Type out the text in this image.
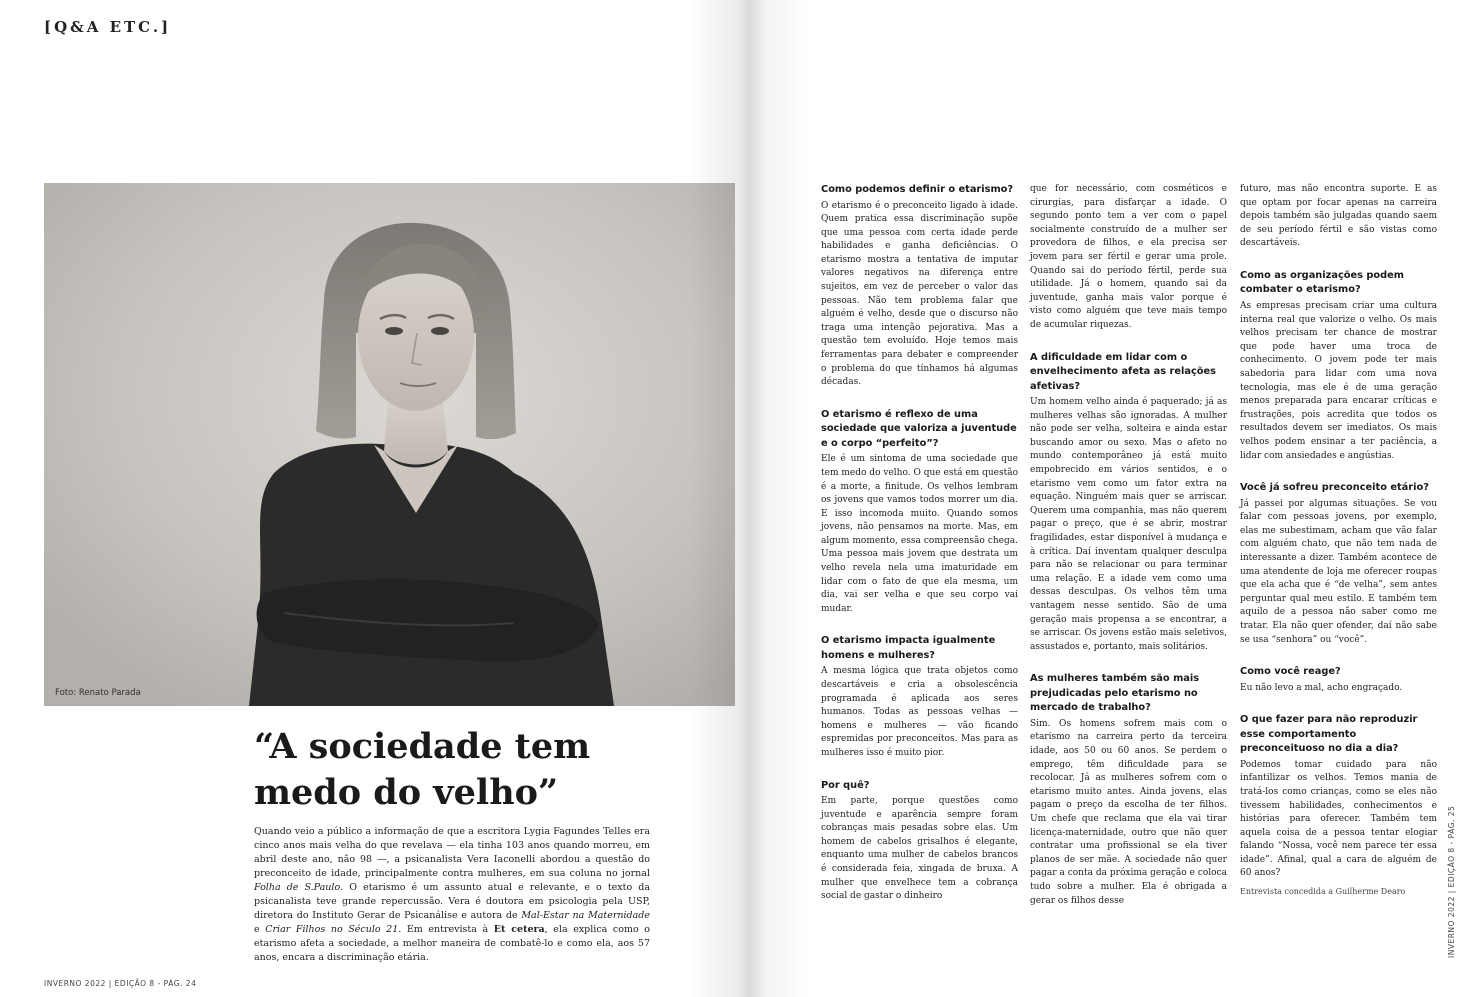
[Q&A ETC.]
Foto: Renato Parada
“A sociedade tem
medo do velho”

Quando veio a público a informação de que a escritora Lygia Fagundes Telles era cinco anos mais velha do que revelava — ela tinha 103 anos quando morreu, em abril deste ano, não 98 —, a psicanalista Vera Iaconelli abordou a questão do preconceito de idade, principalmente contra mulheres, em sua coluna no jornal Folha de S.Paulo. O etarismo é um assunto atual e relevante, e o texto da psicanalista teve grande repercussão. Vera é doutora em psicologia pela USP, diretora do Instituto Gerar de Psicanálise e autora de Mal-Estar na Maternidade e Criar Filhos no Século 21. Em entrevista à Et cetera, ela explica como o etarismo afeta a sociedade, a melhor maneira de combatê-lo e como ela, aos 57 anos, encara a discriminação etária.

INVERNO 2022 | EDIÇÃO 8 - PÁG. 24

Como podemos definir o etarismo?

O etarismo é o preconceito ligado à idade. Quem pratica essa discriminação supõe que uma pessoa com certa idade perde habilidades e ganha deficiências. O etarismo mostra a tentativa de imputar valores negativos na diferença entre sujeitos, em vez de perceber o valor das pessoas. Não tem problema falar que alguém é velho, desde que o discurso não traga uma intenção pejorativa. Mas a questão tem evoluído. Hoje temos mais ferramentas para debater e compreender o problema do que tínhamos há algumas décadas.

O etarismo é reflexo de uma sociedade que valoriza a juventude e o corpo “perfeito”?

Ele é um sintoma de uma sociedade que tem medo do velho. O que está em questão é a morte, a finitude. Os velhos lembram os jovens que vamos todos morrer um dia. E isso incomoda muito. Quando somos jovens, não pensamos na morte. Mas, em algum momento, essa compreensão chega. Uma pessoa mais jovem que destrata um velho revela nela uma imaturidade em lidar com o fato de que ela mesma, um dia, vai ser velha e que seu corpo vai mudar.

O etarismo impacta igualmente homens e mulheres?

A mesma lógica que trata objetos como descartáveis e cria a obsolescência programada é aplicada aos seres humanos. Todas as pessoas velhas — homens e mulheres — vão ficando espremidas por preconceitos. Mas para as mulheres isso é muito pior.

Por quê?

Em parte, porque questões como juventude e aparência sempre foram cobranças mais pesadas sobre elas. Um homem de cabelos grisalhos é elegante, enquanto uma mulher de cabelos brancos é considerada feia, xingada de bruxa. A mulher que envelhece tem a cobrança social de gastar o dinheiro

que for necessário, com cosméticos e cirurgias, para disfarçar a idade. O segundo ponto tem a ver com o papel socialmente construído de a mulher ser provedora de filhos, e ela precisa ser jovem para ser fértil e gerar uma prole. Quando sai do período fértil, perde sua utilidade. Já o homem, quando sai da juventude, ganha mais valor porque é visto como alguém que teve mais tempo de acumular riquezas.

A dificuldade em lidar com o envelhecimento afeta as relações afetivas?

Um homem velho ainda é paquerado; já as mulheres velhas são ignoradas. A mulher não pode ser velha, solteira e ainda estar buscando amor ou sexo. Mas o afeto no mundo contemporâneo já está muito empobrecido em vários sentidos, e o etarismo vem como um fator extra na equação. Ninguém mais quer se arriscar. Querem uma companhia, mas não querem pagar o preço, que é se abrir, mostrar fragilidades, estar disponível à mudança e à crítica. Daí inventam qualquer desculpa para não se relacionar ou para terminar uma relação. E a idade vem como uma dessas desculpas. Os velhos têm uma vantagem nesse sentido. São de uma geração mais propensa a se encontrar, a se arriscar. Os jovens estão mais seletivos, assustados e, portanto, mais solitários.

As mulheres também são mais prejudicadas pelo etarismo no mercado de trabalho?

Sim. Os homens sofrem mais com o etarismo na carreira perto da terceira idade, aos 50 ou 60 anos. Se perdem o emprego, têm dificuldade para se recolocar. Já as mulheres sofrem com o etarismo muito antes. Ainda jovens, elas pagam o preço da escolha de ter filhos. Um chefe que reclama que ela vai tirar licença-maternidade, outro que não quer contratar uma profissional se ela tiver planos de ser mãe. A sociedade não quer pagar a conta da próxima geração e coloca tudo sobre a mulher. Ela é obrigada a gerar os filhos desse

futuro, mas não encontra suporte. E as que optam por focar apenas na carreira depois também são julgadas quando saem de seu período fértil e são vistas como descartáveis.

Como as organizações podem combater o etarismo?

As empresas precisam criar uma cultura interna real que valorize o velho. Os mais velhos precisam ter chance de mostrar que pode haver uma troca de conhecimento. O jovem pode ter mais sabedoria para lidar com uma nova tecnologia, mas ele é de uma geração menos preparada para encarar críticas e frustrações, pois acredita que todos os resultados devem ser imediatos. Os mais velhos podem ensinar a ter paciência, a lidar com ansiedades e angústias.

Você já sofreu preconceito etário?

Já passei por algumas situações. Se vou falar com pessoas jovens, por exemplo, elas me subestimam, acham que vão falar com alguém chato, que não tem nada de interessante a dizer. Também acontece de uma atendente de loja me oferecer roupas que ela acha que é “de velha”, sem antes perguntar qual meu estilo. E também tem aquilo de a pessoa não saber como me tratar. Ela não quer ofender, daí não sabe se usa “senhora” ou “você”.

Como você reage?

Eu não levo a mal, acho engraçado.

O que fazer para não reproduzir esse comportamento preconceituoso no dia a dia?

Podemos tomar cuidado para não infantilizar os velhos. Temos mania de tratá-los como crianças, como se eles não tivessem habilidades, conhecimentos e histórias para oferecer. Também tem aquela coisa de a pessoa tentar elogiar falando “Nossa, você nem parece ter essa idade”. Afinal, qual a cara de alguém de 60 anos?

Entrevista concedida a Guilherme Dearo	INVERNO 2022 | EDIÇÃO 8 - PÁG. 25
